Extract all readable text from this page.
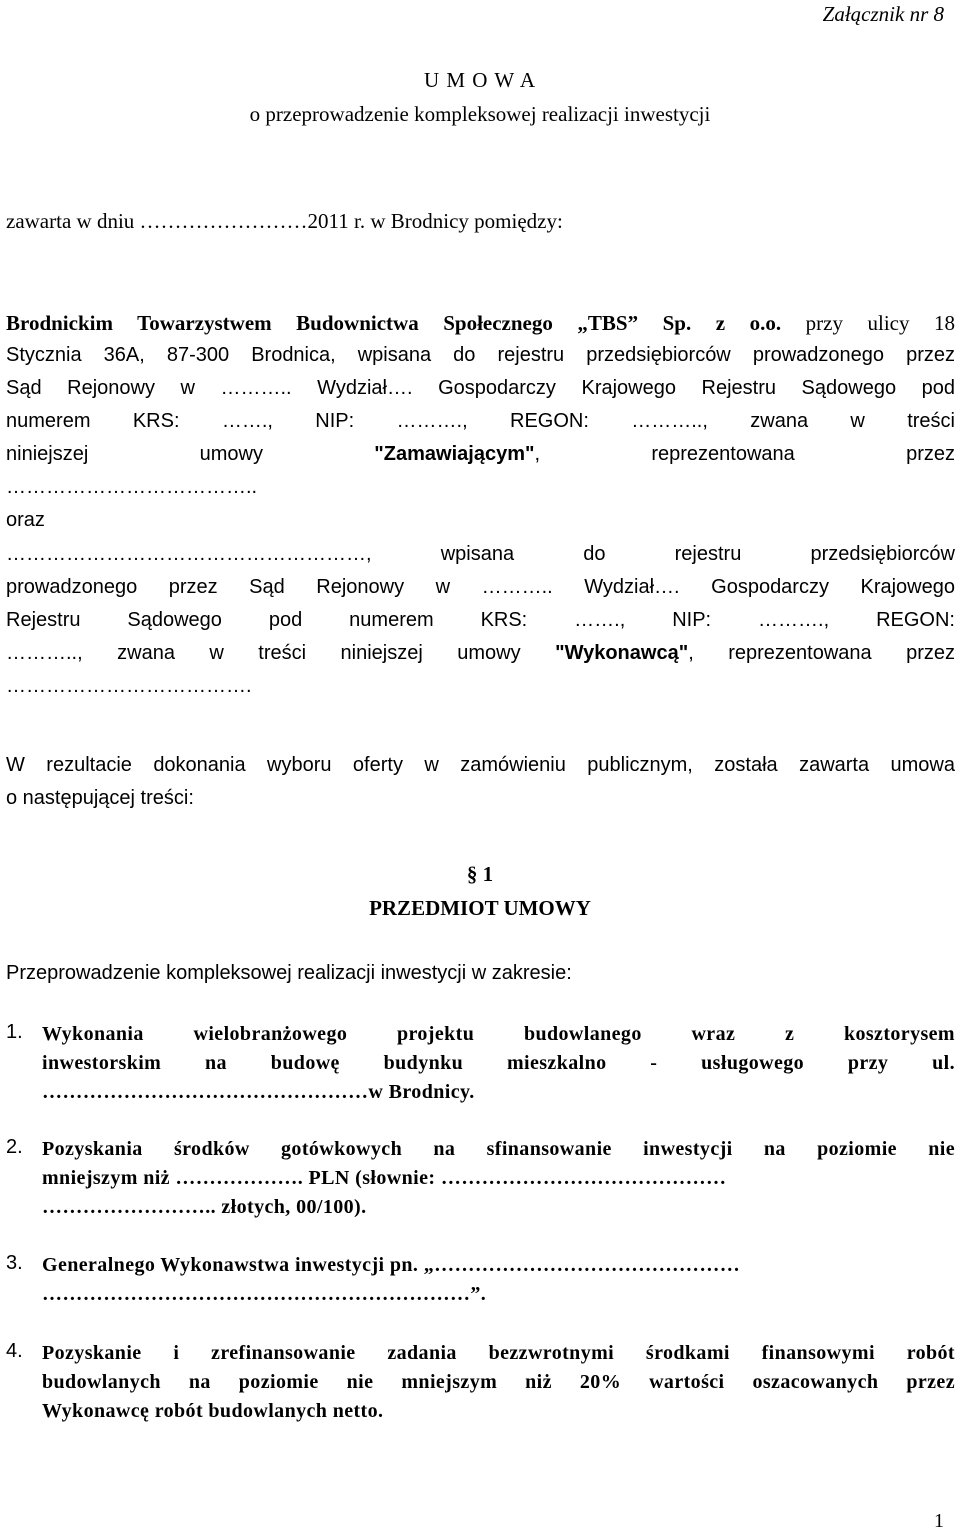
Załącznik nr 8
U M O W A
o przeprowadzenie kompleksowej realizacji inwestycji
zawarta w dniu ……………………2011 r. w Brodnicy pomiędzy:
Brodnickim Towarzystwem Budownictwa Społecznego „TBS” Sp. z o.o. przy ulicy 18
Stycznia 36A, 87-300 Brodnica, wpisana do rejestru przedsiębiorców prowadzonego przez
Sąd Rejonowy w ……….. Wydział…. Gospodarczy Krajowego Rejestru Sądowego pod
numerem KRS: ……., NIP: ………., REGON: ……….., zwana w treści
niniejszej umowy	"Zamawiającym", reprezentowana przez
………………………………..
oraz
………………………………………………, wpisana do rejestru przedsiębiorców
prowadzonego przez Sąd Rejonowy w ……….. Wydział…. Gospodarczy Krajowego
Rejestru Sądowego pod numerem KRS: ……., NIP: ………., REGON:
……….., zwana w treści niniejszej umowy "Wykonawcą", reprezentowana przez
……………………………….
W rezultacie dokonania wyboru oferty w zamówieniu publicznym, została zawarta umowa
o następującej treści:
§ 1
PRZEDMIOT UMOWY
Przeprowadzenie kompleksowej realizacji inwestycji w zakresie:
1. Wykonania wielobranżowego projektu budowlanego wraz z kosztorysem
inwestorskim na budowę budynku mieszkalno - usługowego przy ul.
…………………………………………w Brodnicy.
2. Pozyskania środków gotówkowych na sfinansowanie inwestycji na poziomie nie
mniejszym niż ………………. PLN (słownie: ……………………………………
…………………….. złotych, 00/100).
3. Generalnego Wykonawstwa inwestycji pn. „………………………………………
………………………………………………………”.
4. Pozyskanie i zrefinansowanie zadania bezzwrotnymi środkami finansowymi robót
budowlanych na poziomie nie mniejszym niż 20% wartości oszacowanych przez
Wykonawcę robót budowlanych netto.
1
